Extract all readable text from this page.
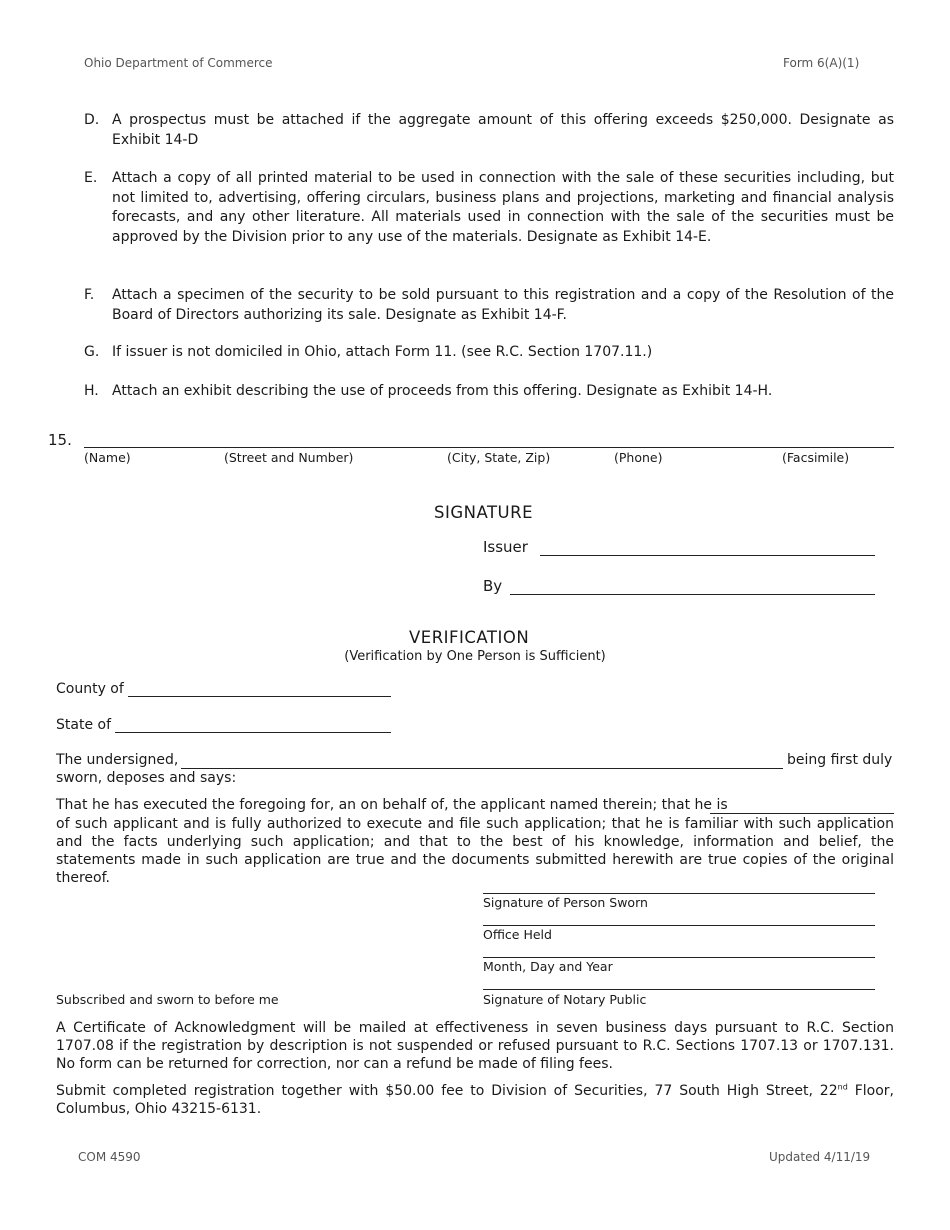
Ohio Department of Commerce	Form 6(A)(1)
D. A prospectus must be attached if the aggregate amount of this offering exceeds $250,000. Designate as Exhibit 14-D
E. Attach a copy of all printed material to be used in connection with the sale of these securities including, but not limited to, advertising, offering circulars, business plans and projections, marketing and financial analysis forecasts, and any other literature. All materials used in connection with the sale of the securities must be approved by the Division prior to any use of the materials. Designate as Exhibit 14-E.
F. Attach a specimen of the security to be sold pursuant to this registration and a copy of the Resolution of the Board of Directors authorizing its sale. Designate as Exhibit 14-F.
G. If issuer is not domiciled in Ohio, attach Form 11. (see R.C. Section 1707.11.)
H. Attach an exhibit describing the use of proceeds from this offering. Designate as Exhibit 14-H.
15.
(Name)	(Street and Number)	(City, State, Zip)	(Phone)	(Facsimile)
SIGNATURE
Issuer
By
VERIFICATION
(Verification by One Person is Sufficient)
County of
State of
The undersigned,	being first duly
sworn, deposes and says:
That he has executed the foregoing for, an on behalf of, the applicant named therein; that he is
of such applicant and is fully authorized to execute and file such application; that he is familiar with such application and the facts underlying such application; and that to the best of his knowledge, information and belief, the statements made in such application are true and the documents submitted herewith are true copies of the original thereof.
Signature of Person Sworn
Office Held
Month, Day and Year
Signature of Notary Public
Subscribed and sworn to before me
A Certificate of Acknowledgment will be mailed at effectiveness in seven business days pursuant to R.C. Section 1707.08 if the registration by description is not suspended or refused pursuant to R.C. Sections 1707.13 or 1707.131. No form can be returned for correction, nor can a refund be made of filing fees.
Submit completed registration together with $50.00 fee to Division of Securities, 77 South High Street, 22nd Floor, Columbus, Ohio 43215-6131.
COM 4590	Updated 4/11/19
